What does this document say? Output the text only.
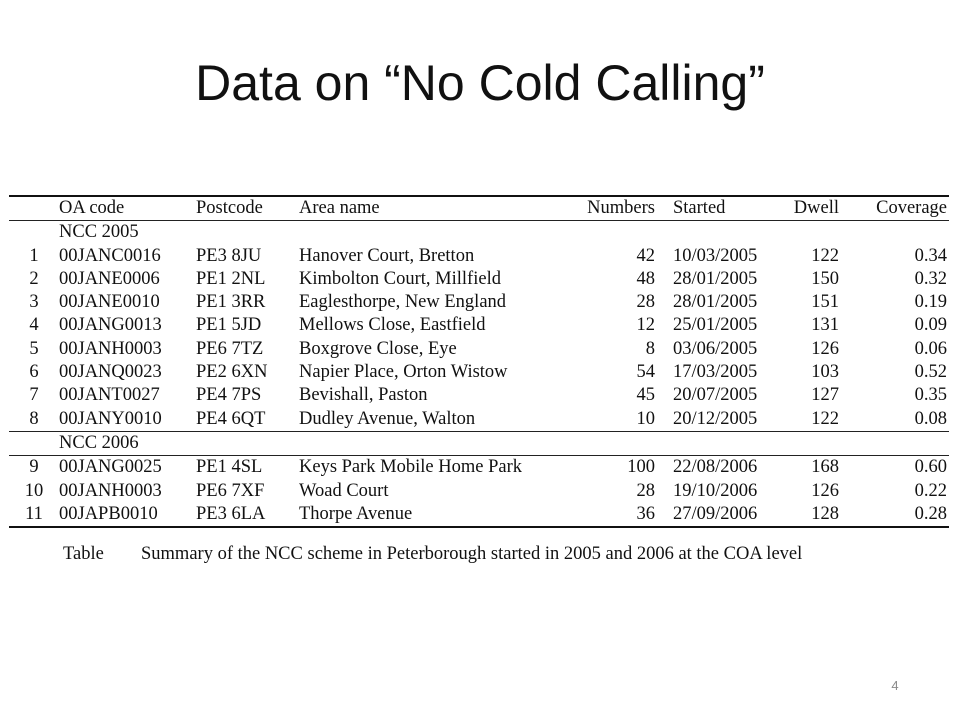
Data on “No Cold Calling”

	OA code	Postcode	Area name	Numbers	Started	Dwell	Coverage

	NCC 2005						
1	00JANC0016	PE3 8JU	Hanover Court, Bretton	42	10/03/2005	122	0.34
2	00JANE0006	PE1 2NL	Kimbolton Court, Millfield	48	28/01/2005	150	0.32
3	00JANE0010	PE1 3RR	Eaglesthorpe, New England	28	28/01/2005	151	0.19
4	00JANG0013	PE1 5JD	Mellows Close, Eastfield	12	25/01/2005	131	0.09
5	00JANH0003	PE6 7TZ	Boxgrove Close, Eye	8	03/06/2005	126	0.06
6	00JANQ0023	PE2 6XN	Napier Place, Orton Wistow	54	17/03/2005	103	0.52
7	00JANT0027	PE4 7PS	Bevishall, Paston	45	20/07/2005	127	0.35
8	00JANY0010	PE4 6QT	Dudley Avenue, Walton	10	20/12/2005	122	0.08

	NCC 2006						

9	00JANG0025	PE1 4SL	Keys Park Mobile Home Park	100	22/08/2006	168	0.60
10	00JANH0003	PE6 7XF	Woad Court	28	19/10/2006	126	0.22
11	00JAPB0010	PE3 6LA	Thorpe Avenue	36	27/09/2006	128	0.28

Table Summary of the NCC scheme in Peterborough started in 2005 and 2006 at the COA level
4
